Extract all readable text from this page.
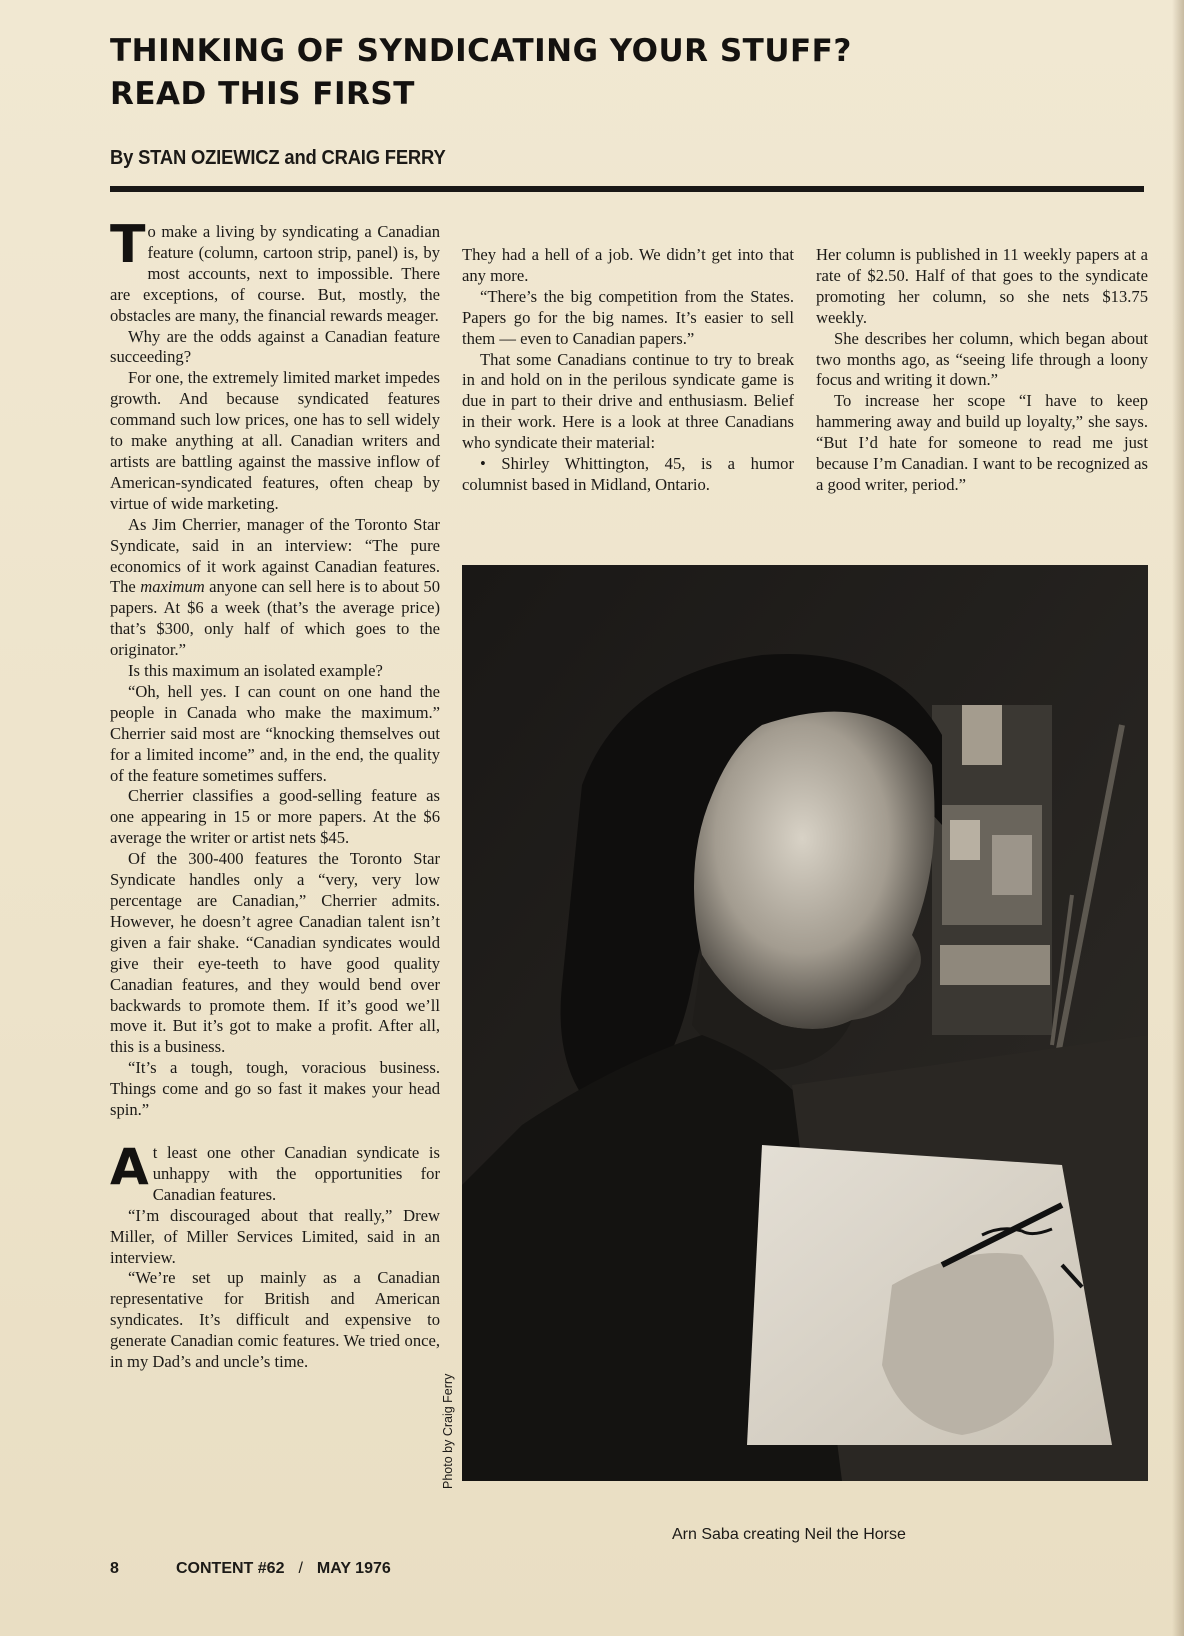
THINKING OF SYNDICATING YOUR STUFF?
READ THIS FIRST
By STAN OZIEWICZ and CRAIG FERRY

To make a living by syndicating a Canadian feature (column, cartoon strip, panel) is, by most accounts, next to impossible. There are exceptions, of course. But, mostly, the obstacles are many, the financial rewards meager.

Why are the odds against a Canadian feature succeeding?

For one, the extremely limited market impedes growth. And because syndicated features command such low prices, one has to sell widely to make anything at all. Canadian writers and artists are battling against the massive inflow of American-syndicated features, often cheap by virtue of wide marketing.

As Jim Cherrier, manager of the Toronto Star Syndicate, said in an interview: “The pure economics of it work against Canadian features. The maximum anyone can sell here is to about 50 papers. At $6 a week (that’s the average price) that’s $300, only half of which goes to the originator.”

Is this maximum an isolated example?

“Oh, hell yes. I can count on one hand the people in Canada who make the maximum.” Cherrier said most are “knocking themselves out for a limited income” and, in the end, the quality of the feature sometimes suffers.

Cherrier classifies a good-selling feature as one appearing in 15 or more papers. At the $6 average the writer or artist nets $45.

Of the 300-400 features the Toronto Star Syndicate handles only a “very, very low percentage are Canadian,” Cherrier admits. However, he doesn’t agree Canadian talent isn’t given a fair shake. “Canadian syndicates would give their eye-teeth to have good quality Canadian features, and they would bend over backwards to promote them. If it’s good we’ll move it. But it’s got to make a profit. After all, this is a business.

“It’s a tough, tough, voracious business. Things come and go so fast it makes your head spin.”

At least one other Canadian syndicate is unhappy with the opportunities for Canadian features.

“I’m discouraged about that really,” Drew Miller, of Miller Services Limited, said in an interview.

“We’re set up mainly as a Canadian representative for British and American syndicates. It’s difficult and expensive to generate Canadian comic features. We tried once, in my Dad’s and uncle’s time.

They had a hell of a job. We didn’t get into that any more.

“There’s the big competition from the States. Papers go for the big names. It’s easier to sell them — even to Canadian papers.”

That some Canadians continue to try to break in and hold on in the perilous syndicate game is due in part to their drive and enthusiasm. Belief in their work. Here is a look at three Canadians who syndicate their material:

• Shirley Whittington, 45, is a humor columnist based in Midland, Ontario.

Her column is published in 11 weekly papers at a rate of $2.50. Half of that goes to the syndicate promoting her column, so she nets $13.75 weekly.

She describes her column, which began about two months ago, as “seeing life through a loony focus and writing it down.”

To increase her scope “I have to keep hammering away and build up loyalty,” she says. “But I’d hate for someone to read me just because I’m Canadian. I want to be recognized as a good writer, period.”

Photo by Craig Ferry
Arn Saba creating Neil the Horse
8	CONTENT #62 / MAY 1976
